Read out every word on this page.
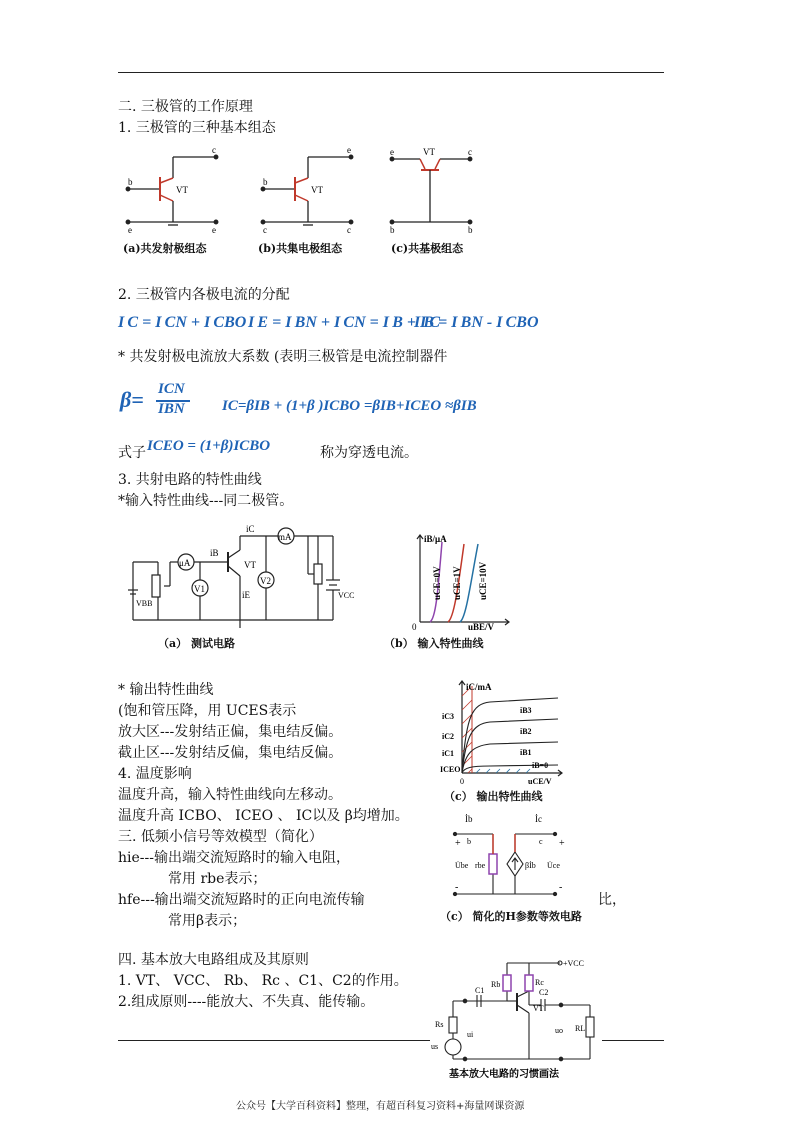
二. 三极管的工作原理
1. 三极管的三种基本组态
c
b
VT
e	e
e
b
VT
c	c
e	VT	c
b	b
(a)共发射极组态	(b)共集电极组态	(c)共基极组态
2. 三极管内各极电流的分配
I C = I CN + I CBO I E = I BN + I CN = I B + I C
I B = I BN - I CBO
* 共发射极电流放大系数 (表明三极管是电流控制器件
β= ICN
IBN IC=βIB + (1+β )ICBO =βIB+ICEO ≈βIB
式子 ICEO = (1+β)ICBO	称为穿透电流。
3. 共射电路的特性曲线
*输入特性曲线---同二极管。
μA
mA
V1
V2
VBB
VCC
VT
iC
iB
iE
iB/μA
uBE/V
uCE=0V uCE=1V uCE=10V
0
（a） 测试电路	（b） 输入特性曲线
* 输出特性曲线
(饱和管压降，用 UCES表示
放大区---发射结正偏，集电结反偏。
截止区---发射结反偏，集电结反偏。
4. 温度影响
温度升高，输入特性曲线向左移动。
温度升高 ICBO、 ICEO 、 IC以及 β均增加。
三. 低频小信号等效模型（简化）
hie---输出端交流短路时的输入电阻，
常用 rbe表示；
hfe---输出端交流短路时的正向电流传输	比，
常用β表示；
iC/mA
iB3
iB2
iB1
iB=0
iC3
iC2
iC1
ICEO
uCE/V
0
（c） 输出特性曲线
İb	İc
b	c
rbe	βİb
U̇be	U̇ce
+	+
-	-
（c） 简化的H参数等效电路
四. 基本放大电路组成及其原则
1. VT、 VCC、 Rb、 Rc 、C1、C2的作用。
2.组成原则----能放大、不失真、能传输。
+VCC
Rb	Rc
C1	C2
VT
Rs	RL
ui	uo
us
基本放大电路的习惯画法
公众号【大学百科资料】整理，有超百科复习资料+海量网课资源
